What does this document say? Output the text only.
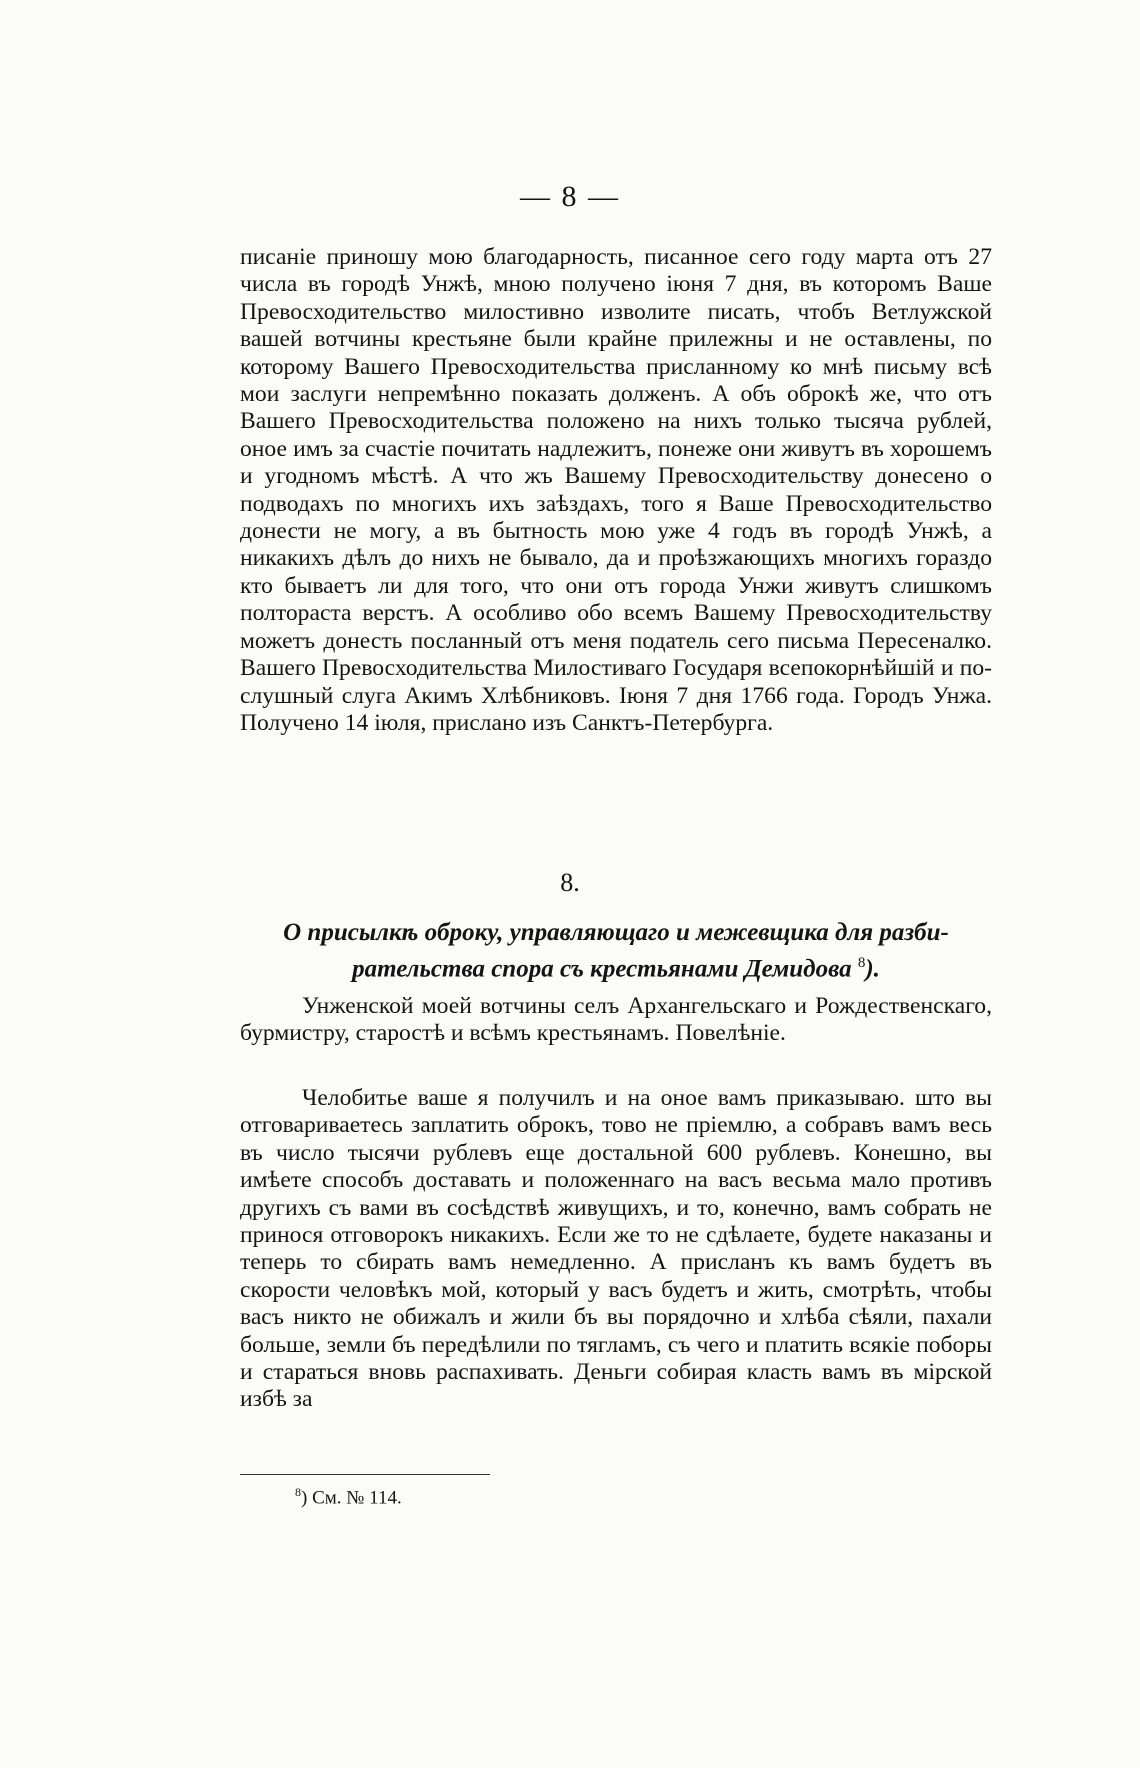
— 8 —

писанiе приношу мою благодарность, писанное сего году марта отъ 27 числа въ городѣ Унжѣ, мною получено iюня 7 дня, въ которомъ Ваше Превосходительство милостивно изволите писать, чтобъ Ветлужской вашей вотчины крестьяне были крайне прилежны и не оставлены, по которому Вашего Превосходительства присланному ко мнѣ письму всѣ мои заслуги непремѣнно показать долженъ. А объ оброкѣ же, что отъ Вашего Превосходительства положено на нихъ только тысяча рублей, оное имъ за счастiе почитать надлежитъ, понеже они живутъ въ хорошемъ и угодномъ мѣстѣ. А что жъ Вашему Превосходительству донесено о подводахъ по многихъ ихъ заѣздахъ, того я Ваше Превосходительство донести не могу, а въ бытность мою уже 4 годъ въ городѣ Унжѣ, а никакихъ дѣлъ до нихъ не бывало, да и проѣзжающихъ многихъ гораздо кто бываетъ ли для того, что они отъ города Унжи живутъ слишкомъ полтораста верстъ. А особливо обо всемъ Вашему Превосходительству можетъ донесть посланный отъ меня податель сего письма Пересеналко. Вашего Превосходительства Милостиваго Государя всепокорнѣйшiй и послушный слуга Акимъ Хлѣбниковъ. Iюня 7 дня 1766 года. Городъ Унжа. Получено 14 iюля, прислано изъ Санктъ-Петербурга.

8.
О присылкѣ оброку, управляющаго и межевщика для разбирательства спора съ крестьянами Демидова $^8$).

Унженской моей вотчины селъ Архангельскаго и Рождественскаго, бурмистру, старостѣ и всѣмъ крестьянамъ. Повелѣнiе.

Челобитье ваше я получилъ и на оное вамъ приказываю. што вы отговариваетесь заплатить оброкъ, тово не прiемлю, а собравъ вамъ весь въ число тысячи рублевъ еще достальной 600 рублевъ. Конешно, вы имѣете способъ доставать и положеннаго на васъ весьма мало противъ другихъ съ вами въ сосѣдствѣ живущихъ, и то, конечно, вамъ собрать не принося отговорокъ никакихъ. Если же то не сдѣлаете, будете наказаны и теперь то сбирать вамъ немедленно. А присланъ къ вамъ будетъ въ скорости человѣкъ мой, который у васъ будетъ и жить, смотрѣть, чтобы васъ никто не обижалъ и жили бъ вы порядочно и хлѣба сѣяли, пахали больше, земли бъ передѣлили по тягламъ, съ чего и платить всякiе поборы и стараться вновь распахивать. Деньги собирая класть вамъ въ мiрской избѣ за

$^8$) См. № 114.
